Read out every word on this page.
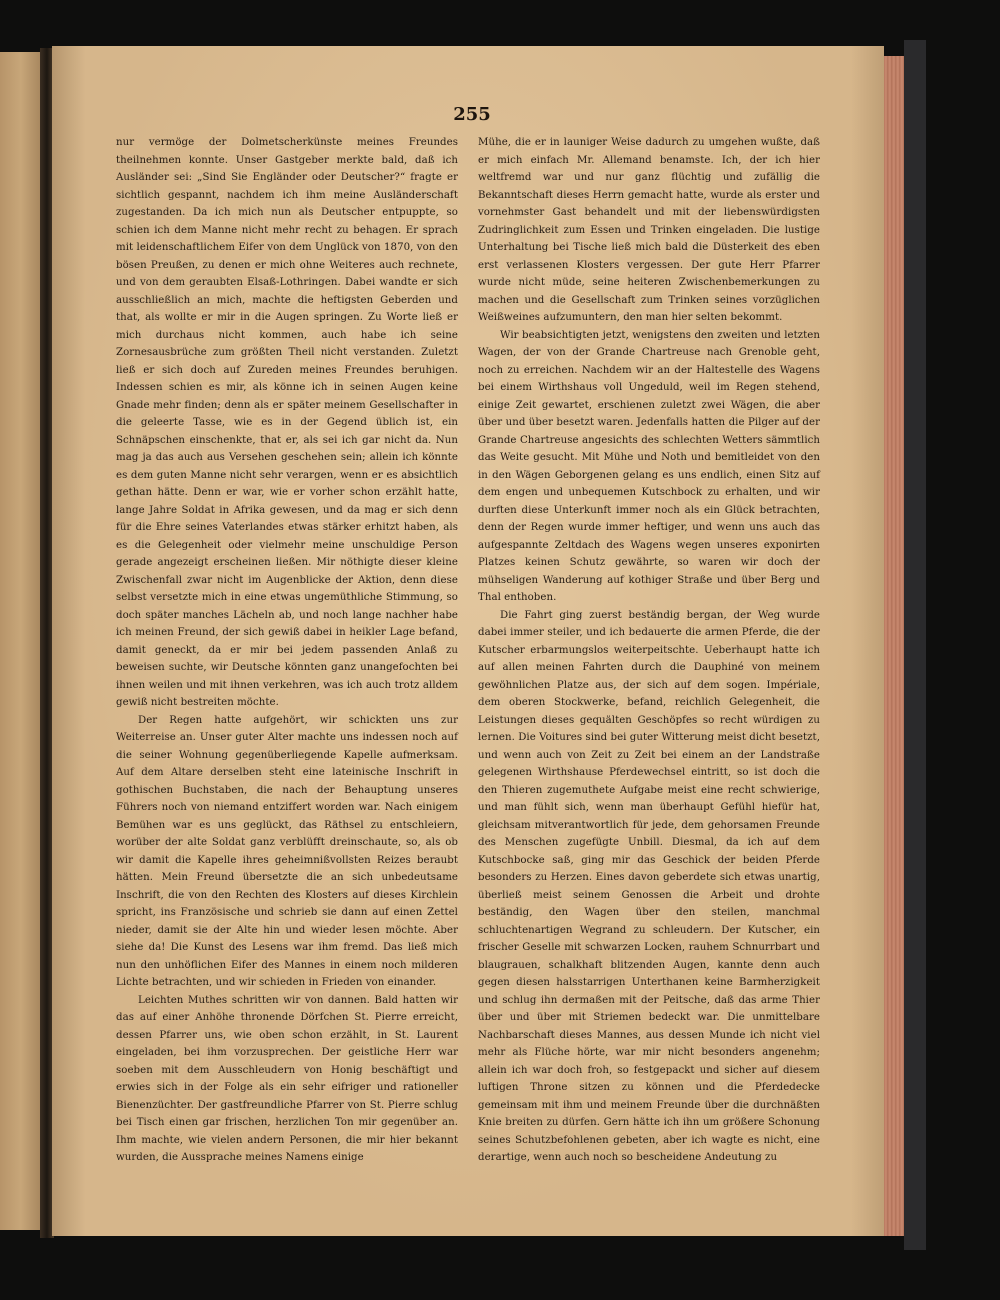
255

nur vermöge der Dolmetscherkünste meines Freundes theilnehmen konnte. Unser Gastgeber merkte bald, daß ich Ausländer sei: „Sind Sie Engländer oder Deutscher?“ fragte er sichtlich gespannt, nachdem ich ihm meine Ausländerschaft zugestanden. Da ich mich nun als Deutscher entpuppte, so schien ich dem Manne nicht mehr recht zu behagen. Er sprach mit leidenschaftlichem Eifer von dem Unglück von 1870, von den bösen Preußen, zu denen er mich ohne Weiteres auch rechnete, und von dem geraubten Elsaß-Lothringen. Dabei wandte er sich ausschließlich an mich, machte die heftigsten Geberden und that, als wollte er mir in die Augen springen. Zu Worte ließ er mich durchaus nicht kommen, auch habe ich seine Zornesausbrüche zum größten Theil nicht verstanden. Zuletzt ließ er sich doch auf Zureden meines Freundes beruhigen. Indessen schien es mir, als könne ich in seinen Augen keine Gnade mehr finden; denn als er später meinem Gesellschafter in die geleerte Tasse, wie es in der Gegend üblich ist, ein Schnäpschen einschenkte, that er, als sei ich gar nicht da. Nun mag ja das auch aus Versehen geschehen sein; allein ich könnte es dem guten Manne nicht sehr verargen, wenn er es absichtlich gethan hätte. Denn er war, wie er vorher schon erzählt hatte, lange Jahre Soldat in Afrika gewesen, und da mag er sich denn für die Ehre seines Vaterlandes etwas stärker erhitzt haben, als es die Gelegenheit oder vielmehr meine unschuldige Person gerade angezeigt erscheinen ließen. Mir nöthigte dieser kleine Zwischenfall zwar nicht im Augenblicke der Aktion, denn diese selbst versetzte mich in eine etwas ungemüthliche Stimmung, so doch später manches Lächeln ab, und noch lange nachher habe ich meinen Freund, der sich gewiß dabei in heikler Lage befand, damit geneckt, da er mir bei jedem passenden Anlaß zu beweisen suchte, wir Deutsche könnten ganz unangefochten bei ihnen weilen und mit ihnen verkehren, was ich auch trotz alldem gewiß nicht bestreiten möchte.

Der Regen hatte aufgehört, wir schickten uns zur Weiterreise an. Unser guter Alter machte uns indessen noch auf die seiner Wohnung gegenüberliegende Kapelle aufmerksam. Auf dem Altare derselben steht eine lateinische Inschrift in gothischen Buchstaben, die nach der Behauptung unseres Führers noch von niemand entziffert worden war. Nach einigem Bemühen war es uns geglückt, das Räthsel zu entschleiern, worüber der alte Soldat ganz verblüfft dreinschaute, so, als ob wir damit die Kapelle ihres geheimnißvollsten Reizes beraubt hätten. Mein Freund übersetzte die an sich unbedeutsame Inschrift, die von den Rechten des Klosters auf dieses Kirchlein spricht, ins Französische und schrieb sie dann auf einen Zettel nieder, damit sie der Alte hin und wieder lesen möchte. Aber siehe da! Die Kunst des Lesens war ihm fremd. Das ließ mich nun den unhöflichen Eifer des Mannes in einem noch milderen Lichte betrachten, und wir schieden in Frieden von einander.

Leichten Muthes schritten wir von dannen. Bald hatten wir das auf einer Anhöhe thronende Dörfchen St. Pierre erreicht, dessen Pfarrer uns, wie oben schon erzählt, in St. Laurent eingeladen, bei ihm vorzusprechen. Der geistliche Herr war soeben mit dem Ausschleudern von Honig beschäftigt und erwies sich in der Folge als ein sehr eifriger und rationeller Bienenzüchter. Der gastfreundliche Pfarrer von St. Pierre schlug bei Tisch einen gar frischen, herzlichen Ton mir gegenüber an. Ihm machte, wie vielen andern Personen, die mir hier bekannt wurden, die Aussprache meines Namens einige

Mühe, die er in launiger Weise dadurch zu umgehen wußte, daß er mich einfach Mr. Allemand benamste. Ich, der ich hier weltfremd war und nur ganz flüchtig und zufällig die Bekanntschaft dieses Herrn gemacht hatte, wurde als erster und vornehmster Gast behandelt und mit der liebenswürdigsten Zudringlichkeit zum Essen und Trinken eingeladen. Die lustige Unterhaltung bei Tische ließ mich bald die Düsterkeit des eben erst verlassenen Klosters vergessen. Der gute Herr Pfarrer wurde nicht müde, seine heiteren Zwischenbemerkungen zu machen und die Gesellschaft zum Trinken seines vorzüglichen Weißweines aufzumuntern, den man hier selten bekommt.

Wir beabsichtigten jetzt, wenigstens den zweiten und letzten Wagen, der von der Grande Chartreuse nach Grenoble geht, noch zu erreichen. Nachdem wir an der Haltestelle des Wagens bei einem Wirthshaus voll Ungeduld, weil im Regen stehend, einige Zeit gewartet, erschienen zuletzt zwei Wägen, die aber über und über besetzt waren. Jedenfalls hatten die Pilger auf der Grande Chartreuse angesichts des schlechten Wetters sämmtlich das Weite gesucht. Mit Mühe und Noth und bemitleidet von den in den Wägen Geborgenen gelang es uns endlich, einen Sitz auf dem engen und unbequemen Kutschbock zu erhalten, und wir durften diese Unterkunft immer noch als ein Glück betrachten, denn der Regen wurde immer heftiger, und wenn uns auch das aufgespannte Zeltdach des Wagens wegen unseres exponirten Platzes keinen Schutz gewährte, so waren wir doch der mühseligen Wanderung auf kothiger Straße und über Berg und Thal enthoben.

Die Fahrt ging zuerst beständig bergan, der Weg wurde dabei immer steiler, und ich bedauerte die armen Pferde, die der Kutscher erbarmungslos weiterpeitschte. Ueberhaupt hatte ich auf allen meinen Fahrten durch die Dauphiné von meinem gewöhnlichen Platze aus, der sich auf dem sogen. Impériale, dem oberen Stockwerke, befand, reichlich Gelegenheit, die Leistungen dieses gequälten Geschöpfes so recht würdigen zu lernen. Die Voitures sind bei guter Witterung meist dicht besetzt, und wenn auch von Zeit zu Zeit bei einem an der Landstraße gelegenen Wirthshause Pferdewechsel eintritt, so ist doch die den Thieren zugemuthete Aufgabe meist eine recht schwierige, und man fühlt sich, wenn man überhaupt Gefühl hiefür hat, gleichsam mitverantwortlich für jede, dem gehorsamen Freunde des Menschen zugefügte Unbill. Diesmal, da ich auf dem Kutschbocke saß, ging mir das Geschick der beiden Pferde besonders zu Herzen. Eines davon geberdete sich etwas unartig, überließ meist seinem Genossen die Arbeit und drohte beständig, den Wagen über den steilen, manchmal schluchtenartigen Wegrand zu schleudern. Der Kutscher, ein frischer Geselle mit schwarzen Locken, rauhem Schnurrbart und blaugrauen, schalkhaft blitzenden Augen, kannte denn auch gegen diesen halsstarrigen Unterthanen keine Barmherzigkeit und schlug ihn dermaßen mit der Peitsche, daß das arme Thier über und über mit Striemen bedeckt war. Die unmittelbare Nachbarschaft dieses Mannes, aus dessen Munde ich nicht viel mehr als Flüche hörte, war mir nicht besonders angenehm; allein ich war doch froh, so festgepackt und sicher auf diesem luftigen Throne sitzen zu können und die Pferdedecke gemeinsam mit ihm und meinem Freunde über die durchnäßten Knie breiten zu dürfen. Gern hätte ich ihn um größere Schonung seines Schutzbefohlenen gebeten, aber ich wagte es nicht, eine derartige, wenn auch noch so bescheidene Andeutung zu
